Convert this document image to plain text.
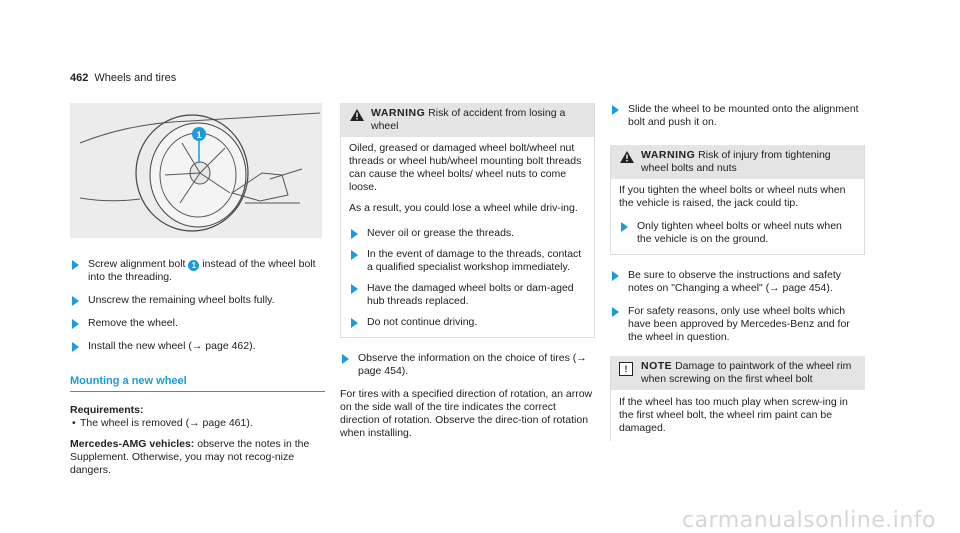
462 Wheels and tires
1
Screw alignment bolt 1 instead of the wheel bolt into the threading.
Unscrew the remaining wheel bolts fully.
Remove the wheel.
Install the new wheel (→ page 462).
Mounting a new wheel
Requirements:
• The wheel is removed (→ page 461).
Mercedes-AMG vehicles: observe the notes in the Supplement. Otherwise, you may not recog-nize dangers.
WARNING Risk of accident from losing a wheel
Oiled, greased or damaged wheel bolt/wheel nut threads or wheel hub/wheel mounting bolt threads can cause the wheel bolts/ wheel nuts to come loose.
As a result, you could lose a wheel while driv-ing.
Never oil or grease the threads.
In the event of damage to the threads, contact a qualified specialist workshop immediately.
Have the damaged wheel bolts or dam-aged hub threads replaced.
Do not continue driving.
Observe the information on the choice of tires (→ page 454).
For tires with a specified direction of rotation, an arrow on the side wall of the tire indicates the correct direction of rotation. Observe the direc-tion of rotation when installing.
Slide the wheel to be mounted onto the alignment bolt and push it on.
WARNING Risk of injury from tightening wheel bolts and nuts
If you tighten the wheel bolts or wheel nuts when the vehicle is raised, the jack could tip.
Only tighten wheel bolts or wheel nuts when the vehicle is on the ground.
Be sure to observe the instructions and safety notes on "Changing a wheel" (→ page 454).
For safety reasons, only use wheel bolts which have been approved by Mercedes-Benz and for the wheel in question.
!	NOTE Damage to paintwork of the wheel rim when screwing on the first wheel bolt
If the wheel has too much play when screw-ing in the first wheel bolt, the wheel rim paint can be damaged.
carmanualsonline.info
